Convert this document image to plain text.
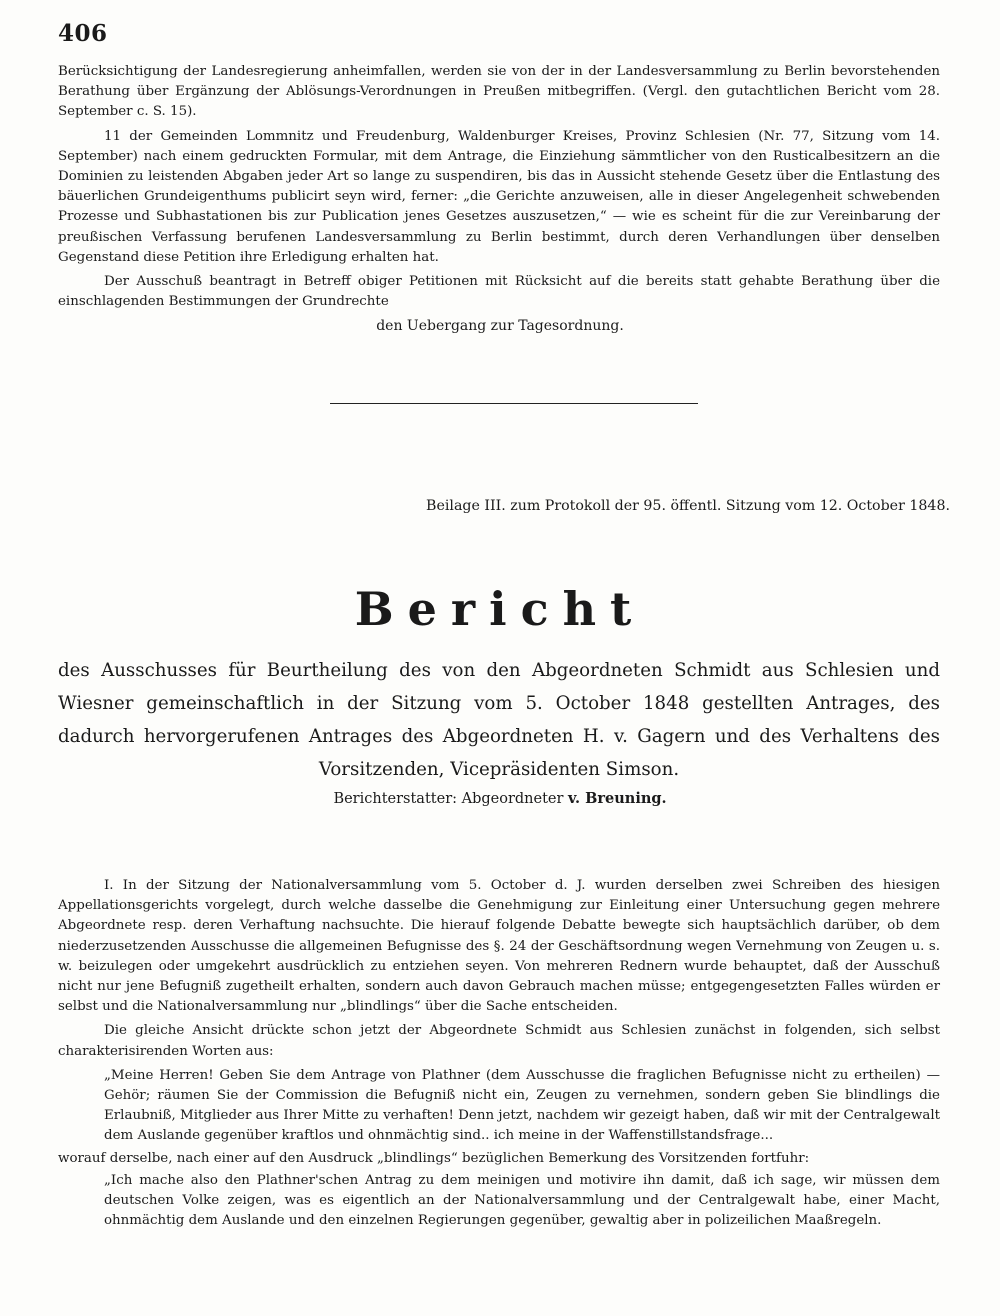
406

Berücksichtigung der Landesregierung anheimfallen, werden sie von der in der Landesversammlung zu Berlin bevorstehenden Berathung über Ergänzung der Ablösungs-Verordnungen in Preußen mitbegriffen. (Vergl. den gutachtlichen Bericht vom 28. September c. S. 15).

11 der Gemeinden Lommnitz und Freudenburg, Waldenburger Kreises, Provinz Schlesien (Nr. 77, Sitzung vom 14. September) nach einem gedruckten Formular, mit dem Antrage, die Einziehung sämmtlicher von den Rusticalbesitzern an die Dominien zu leistenden Abgaben jeder Art so lange zu suspendiren, bis das in Aussicht stehende Gesetz über die Entlastung des bäuerlichen Grundeigenthums publicirt seyn wird, ferner: „die Gerichte anzuweisen, alle in dieser Angelegenheit schwebenden Prozesse und Subhastationen bis zur Publication jenes Gesetzes auszusetzen,“ — wie es scheint für die zur Vereinbarung der preußischen Verfassung berufenen Landesversammlung zu Berlin bestimmt, durch deren Verhandlungen über denselben Gegenstand diese Petition ihre Erledigung erhalten hat.

Der Ausschuß beantragt in Betreff obiger Petitionen mit Rücksicht auf die bereits statt gehabte Berathung über die einschlagenden Bestimmungen der Grundrechte

den Uebergang zur Tagesordnung.
Beilage III. zum Protokoll der 95. öffentl. Sitzung vom 12. October 1848.
Bericht
des Ausschusses für Beurtheilung des von den Abgeordneten Schmidt aus Schlesien und Wiesner gemeinschaftlich in der Sitzung vom 5. October 1848 gestellten Antrages, des dadurch hervorgerufenen Antrages des Abgeordneten H. v. Gagern und des Verhaltens des Vorsitzenden, Vicepräsidenten Simson.
Berichterstatter: Abgeordneter v. Breuning.

I. In der Sitzung der Nationalversammlung vom 5. October d. J. wurden derselben zwei Schreiben des hiesigen Appellationsgerichts vorgelegt, durch welche dasselbe die Genehmigung zur Einleitung einer Untersuchung gegen mehrere Abgeordnete resp. deren Verhaftung nachsuchte. Die hierauf folgende Debatte bewegte sich hauptsächlich darüber, ob dem niederzusetzenden Ausschusse die allgemeinen Befugnisse des §. 24 der Geschäftsordnung wegen Vernehmung von Zeugen u. s. w. beizulegen oder umgekehrt ausdrücklich zu entziehen seyen. Von mehreren Rednern wurde behauptet, daß der Ausschuß nicht nur jene Befugniß zugetheilt erhalten, sondern auch davon Gebrauch machen müsse; entgegengesetzten Falles würden er selbst und die Nationalversammlung nur „blindlings“ über die Sache entscheiden.

Die gleiche Ansicht drückte schon jetzt der Abgeordnete Schmidt aus Schlesien zunächst in folgenden, sich selbst charakterisirenden Worten aus:

„Meine Herren! Geben Sie dem Antrage von Plathner (dem Ausschusse die fraglichen Befugnisse nicht zu ertheilen) — Gehör; räumen Sie der Commission die Befugniß nicht ein, Zeugen zu vernehmen, sondern geben Sie blindlings die Erlaubniß, Mitglieder aus Ihrer Mitte zu verhaften! Denn jetzt, nachdem wir gezeigt haben, daß wir mit der Centralgewalt dem Auslande gegenüber kraftlos und ohnmächtig sind.. ich meine in der Waffenstillstandsfrage...

worauf derselbe, nach einer auf den Ausdruck „blindlings“ bezüglichen Bemerkung des Vorsitzenden fortfuhr:

„Ich mache also den Plathner'schen Antrag zu dem meinigen und motivire ihn damit, daß ich sage, wir müssen dem deutschen Volke zeigen, was es eigentlich an der Nationalversammlung und der Centralgewalt habe, einer Macht, ohnmächtig dem Auslande und den einzelnen Regierungen gegenüber, gewaltig aber in polizeilichen Maaßregeln.
